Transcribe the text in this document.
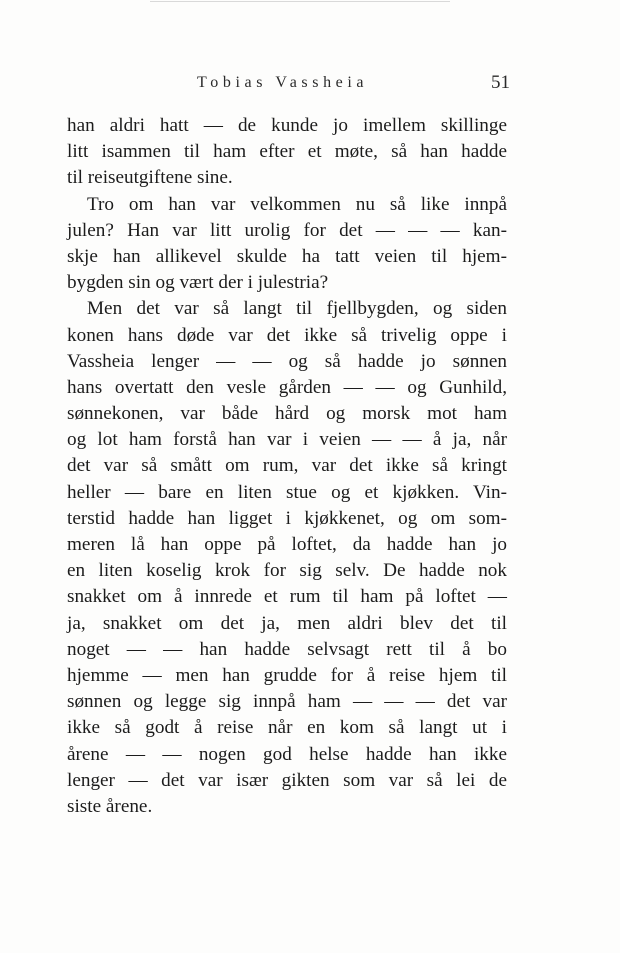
Tobias Vassheia	51
han aldri hatt — de kunde jo imellem skillinge
litt isammen til ham efter et møte, så han hadde
til reiseutgiftene sine.
Tro om han var velkommen nu så like innpå
julen? Han var litt urolig for det — — — kan-
skje han allikevel skulde ha tatt veien til hjem-
bygden sin og vært der i julestria?
Men det var så langt til fjellbygden, og siden
konen hans døde var det ikke så trivelig oppe i
Vassheia lenger — — og så hadde jo sønnen
hans overtatt den vesle gården — — og Gunhild,
sønnekonen, var både hård og morsk mot ham
og lot ham forstå han var i veien — — å ja, når
det var så smått om rum, var det ikke så kringt
heller — bare en liten stue og et kjøkken. Vin-
terstid hadde han ligget i kjøkkenet, og om som-
meren lå han oppe på loftet, da hadde han jo
en liten koselig krok for sig selv. De hadde nok
snakket om å innrede et rum til ham på loftet —
ja, snakket om det ja, men aldri blev det til
noget — — han hadde selvsagt rett til å bo
hjemme — men han grudde for å reise hjem til
sønnen og legge sig innpå ham — — — det var
ikke så godt å reise når en kom så langt ut i
årene — — nogen god helse hadde han ikke
lenger — det var især gikten som var så lei de
siste årene.
